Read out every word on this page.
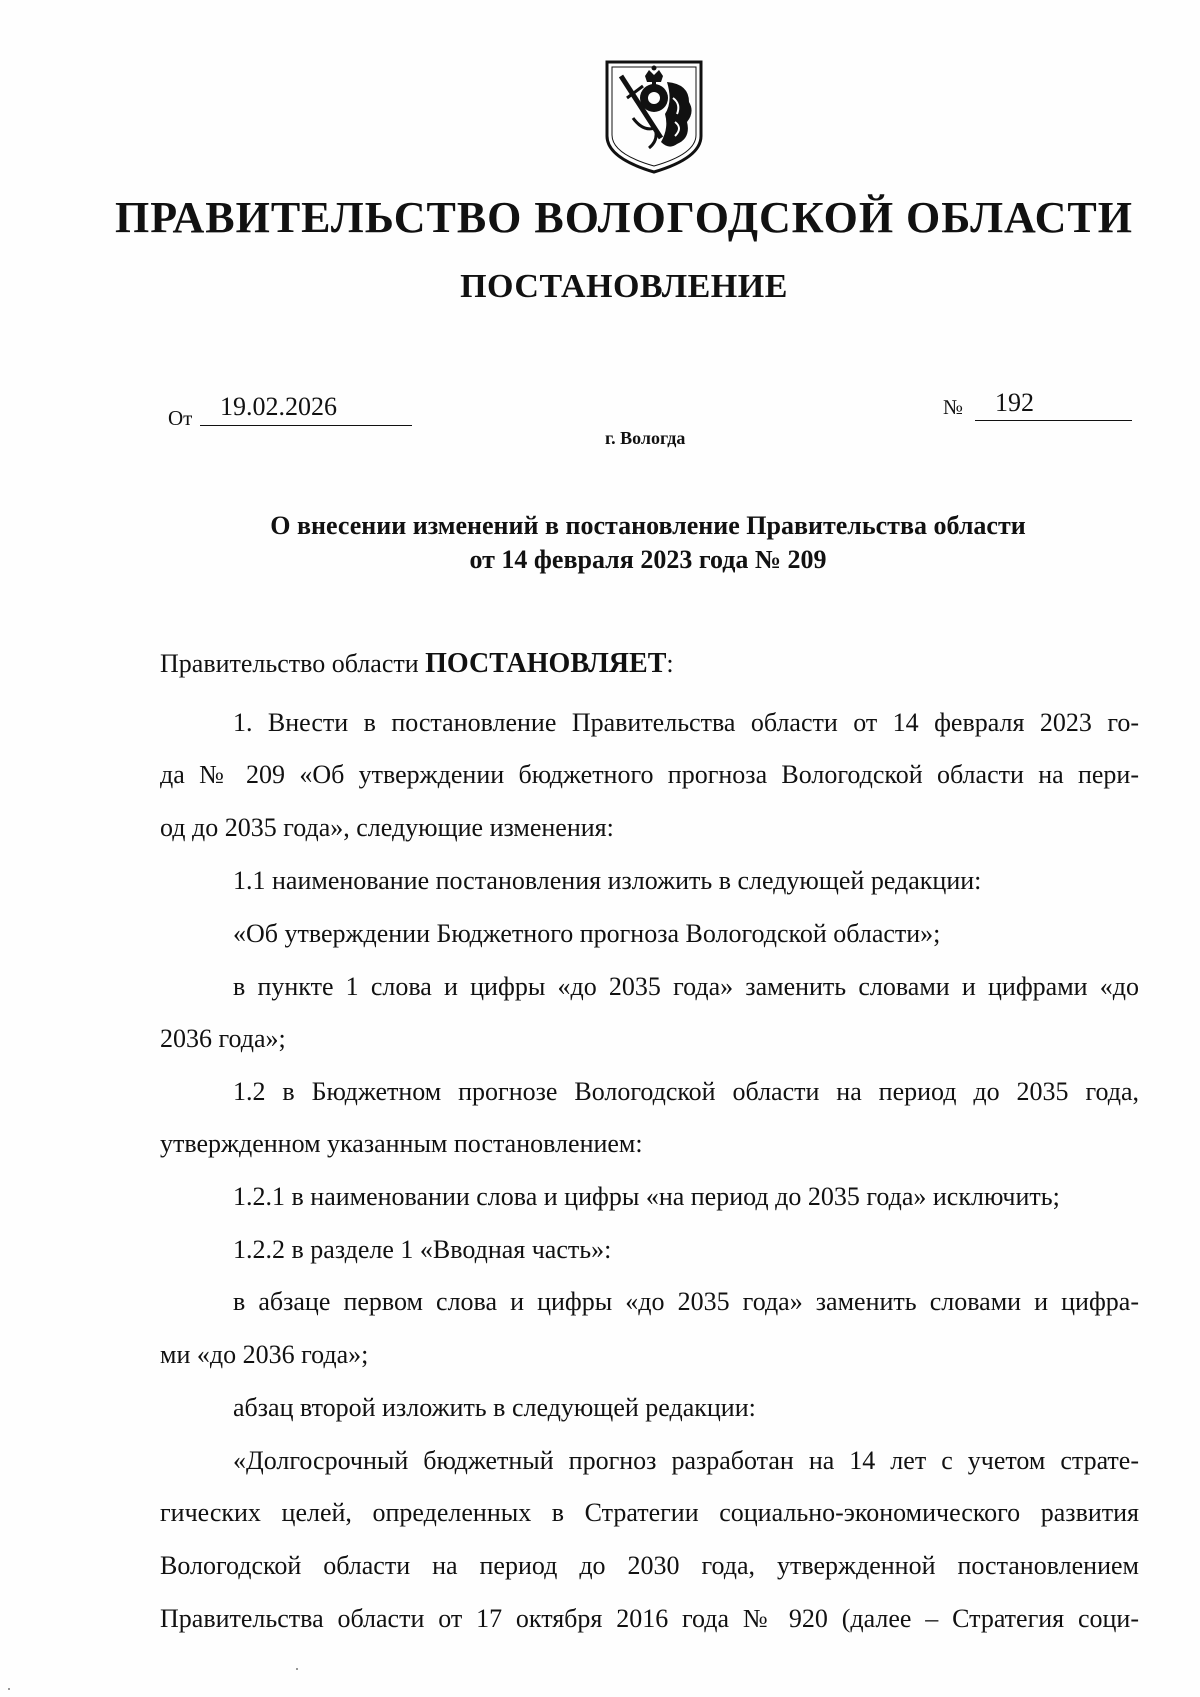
ПРАВИТЕЛЬСТВО ВОЛОГОДСКОЙ ОБЛАСТИ
ПОСТАНОВЛЕНИЕ
От	19.02.2026	№	192
г. Вологда
О внесении изменений в постановление Правительства области
от 14 февраля 2023 года № 209
Правительство области ПОСТАНОВЛЯЕТ:
1. Внести в постановление Правительства области от 14 февраля 2023 го-
да № 209 «Об утверждении бюджетного прогноза Вологодской области на пери-
од до 2035 года», следующие изменения:
1.1 наименование постановления изложить в следующей редакции:
«Об утверждении Бюджетного прогноза Вологодской области»;
в пункте 1 слова и цифры «до 2035 года» заменить словами и цифрами «до
2036 года»;
1.2 в Бюджетном прогнозе Вологодской области на период до 2035 года,
утвержденном указанным постановлением:
1.2.1 в наименовании слова и цифры «на период до 2035 года» исключить;
1.2.2 в разделе 1 «Вводная часть»:
в абзаце первом слова и цифры «до 2035 года» заменить словами и цифра-
ми «до 2036 года»;
абзац второй изложить в следующей редакции:
«Долгосрочный бюджетный прогноз разработан на 14 лет с учетом страте-
гических целей, определенных в Стратегии социально-экономического развития
Вологодской области на период до 2030 года, утвержденной постановлением
Правительства области от 17 октября 2016 года № 920 (далее – Стратегия соци-
